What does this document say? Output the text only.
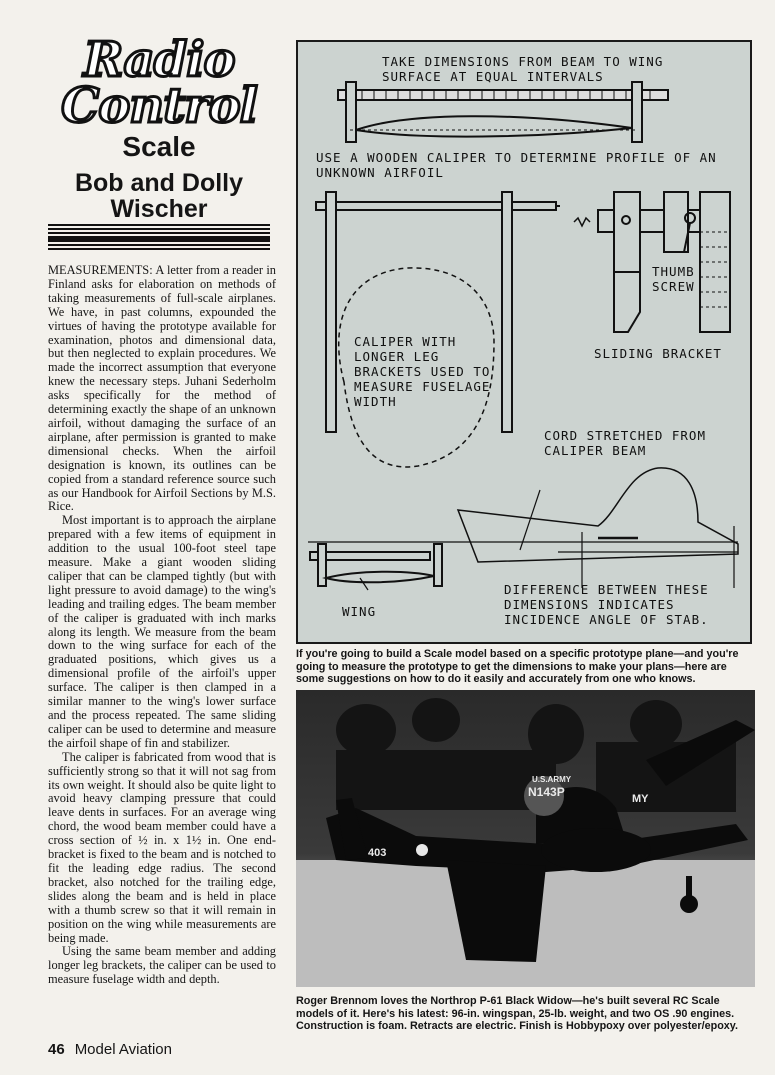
Radio
Control
Scale
Bob and Dolly
Wischer

MEASUREMENTS: A letter from a reader in Finland asks for elaboration on methods of taking measurements of full-scale airplanes. We have, in past columns, expounded the virtues of having the prototype available for examination, photos and dimensional data, but then neglected to explain procedures. We made the incorrect assumption that everyone knew the necessary steps. Juhani Sederholm asks specifically for the method of determining exactly the shape of an unknown airfoil, without damaging the surface of an airplane, after permission is granted to make dimensional checks. When the airfoil designation is known, its outlines can be copied from a standard reference source such as our Handbook for Airfoil Sections by M.S. Rice.

Most important is to approach the airplane prepared with a few items of equipment in addition to the usual 100-foot steel tape measure. Make a giant wooden sliding caliper that can be clamped tightly (but with light pressure to avoid damage) to the wing's leading and trailing edges. The beam member of the caliper is graduated with inch marks along its length. We measure from the beam down to the wing surface for each of the graduated positions, which gives us a dimensional profile of the airfoil's upper surface. The caliper is then clamped in a similar manner to the wing's lower surface and the process repeated. The same sliding caliper can be used to determine and measure the airfoil shape of fin and stabilizer.

The caliper is fabricated from wood that is sufficiently strong so that it will not sag from its own weight. It should also be quite light to avoid heavy clamping pressure that could leave dents in surfaces. For an average wing chord, the wood beam member could have a cross section of ½ in. x 1½ in. One end-bracket is fixed to the beam and is notched to fit the leading edge radius. The second bracket, also notched for the trailing edge, slides along the beam and is held in place with a thumb screw so that it will remain in position on the wing while measurements are being made.

Using the same beam member and adding longer leg brackets, the caliper can be used to measure fuselage width and depth.

TAKE DIMENSIONS FROM BEAM TO WING SURFACE AT EQUAL INTERVALS
USE A WOODEN CALIPER TO DETERMINE PROFILE OF AN UNKNOWN AIRFOIL
THUMB SCREW
SLIDING BRACKET
CALIPER WITH LONGER LEG BRACKETS USED TO MEASURE FUSELAGE WIDTH
CORD STRETCHED FROM CALIPER BEAM
WING
DIFFERENCE BETWEEN THESE DIMENSIONS INDICATES INCIDENCE ANGLE OF STAB.
If you're going to build a Scale model based on a specific prototype plane—and you're going to measure the prototype to get the dimensions to make your plans—here are some suggestions on how to do it easily and accurately from one who knows.
U.S.ARMY
N143P
403
MY
Roger Brennom loves the Northrop P-61 Black Widow—he's built several RC Scale models of it. Here's his latest: 96-in. wingspan, 25-lb. weight, and two OS .90 engines. Construction is foam. Retracts are electric. Finish is Hobbypoxy over polyester/epoxy.
46 Model Aviation
